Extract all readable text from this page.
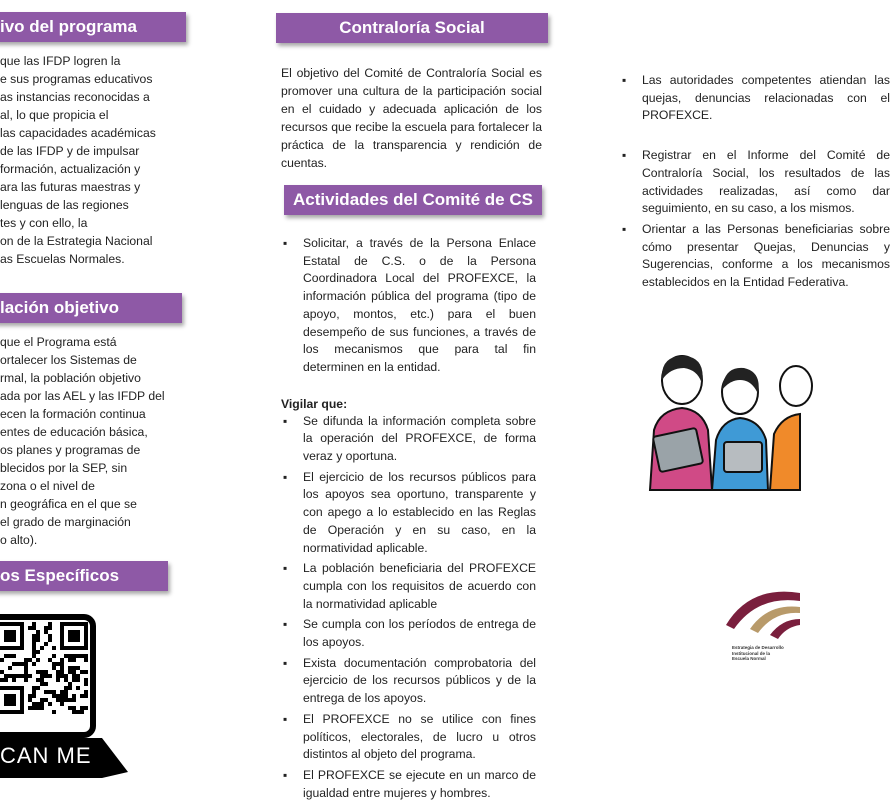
ivo del programa
que las IFDP logren la
e sus programas educativos
as instancias reconocidas a
al, lo que propicia el
las capacidades académicas
de las IFDP y de impulsar
formación, actualización y
ara las futuras maestras y
lenguas de las regiones
tes y con ello, la
on de la Estrategia Nacional
as Escuelas Normales.
lación objetivo
que el Programa está
ortalecer los Sistemas de
rmal, la población objetivo
ada por las AEL y las IFDP del
ecen la formación continua
entes de educación básica,
os planes y programas de
blecidos por la SEP, sin
zona o el nivel de
n geográfica en el que se
el grado de marginación
o alto).
os Específicos
CAN ME
Contraloría Social
El objetivo del Comité de Contraloría Social es promover una cultura de la participación social en el cuidado y adecuada aplicación de los recursos que recibe la escuela para fortalecer la práctica de la transparencia y rendición de cuentas.
Actividades del Comité de CS
▪ Solicitar, a través de la Persona Enlace Estatal de C.S. o de la Persona Coordinadora Local del PROFEXCE, la información pública del programa (tipo de apoyo, montos, etc.) para el buen desempeño de sus funciones, a través de los mecanismos que para tal fin determinen en la entidad.
Vigilar que:
▪ Se difunda la información completa sobre la operación del PROFEXCE, de forma veraz y oportuna.
▪ El ejercicio de los recursos públicos para los apoyos sea oportuno, transparente y con apego a lo establecido en las Reglas de Operación y en su caso, en la normatividad aplicable.
▪ La población beneficiaria del PROFEXCE cumpla con los requisitos de acuerdo con la normatividad aplicable
▪ Se cumpla con los períodos de entrega de los apoyos.
▪ Exista documentación comprobatoria del ejercicio de los recursos públicos y de la entrega de los apoyos.
▪ El PROFEXCE no se utilice con fines políticos, electorales, de lucro u otros distintos al objeto del programa.
▪ El PROFEXCE se ejecute en un marco de igualdad entre mujeres y hombres.
▪ Las autoridades competentes atiendan las quejas, denuncias relacionadas con el PROFEXCE.
▪ Registrar en el Informe del Comité de Contraloría Social, los resultados de las actividades realizadas, así como dar seguimiento, en su caso, a los mismos.
▪ Orientar a las Personas beneficiarias sobre cómo presentar Quejas, Denuncias y Sugerencias, conforme a los mecanismos establecidos en la Entidad Federativa.
Estrategia de Desarrollo
Institucional de la
Escuela Normal
